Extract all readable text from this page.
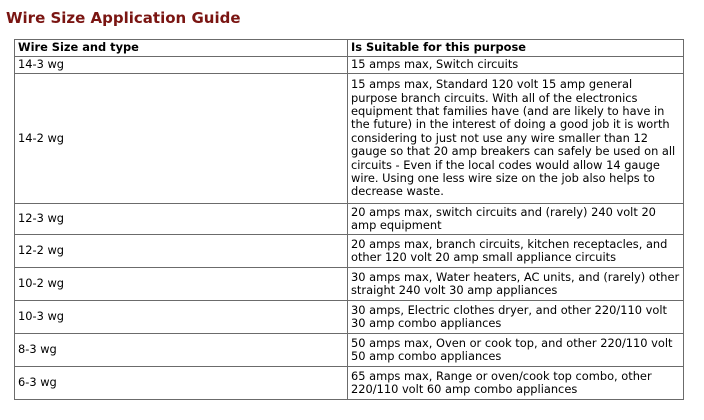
Wire Size Application Guide
Wire Size and type	Is Suitable for this purpose
14-3 wg	15 amps max, Switch circuits
14-2 wg	15 amps max, Standard 120 volt 15 amp general purpose branch circuits. With all of the electronics equipment that families have (and are likely to have in the future) in the interest of doing a good job it is worth considering to just not use any wire smaller than 12 gauge so that 20 amp breakers can safely be used on all circuits - Even if the local codes would allow 14 gauge wire. Using one less wire size on the job also helps to decrease waste.
12-3 wg	20 amps max, switch circuits and (rarely) 240 volt 20 amp equipment
12-2 wg	20 amps max, branch circuits, kitchen receptacles, and other 120 volt 20 amp small appliance circuits
10-2 wg	30 amps max, Water heaters, AC units, and (rarely) other straight 240 volt 30 amp appliances
10-3 wg	30 amps, Electric clothes dryer, and other 220/110 volt 30 amp combo appliances
8-3 wg	50 amps max, Oven or cook top, and other 220/110 volt 50 amp combo appliances
6-3 wg	65 amps max, Range or oven/cook top combo, other 220/110 volt 60 amp combo appliances
